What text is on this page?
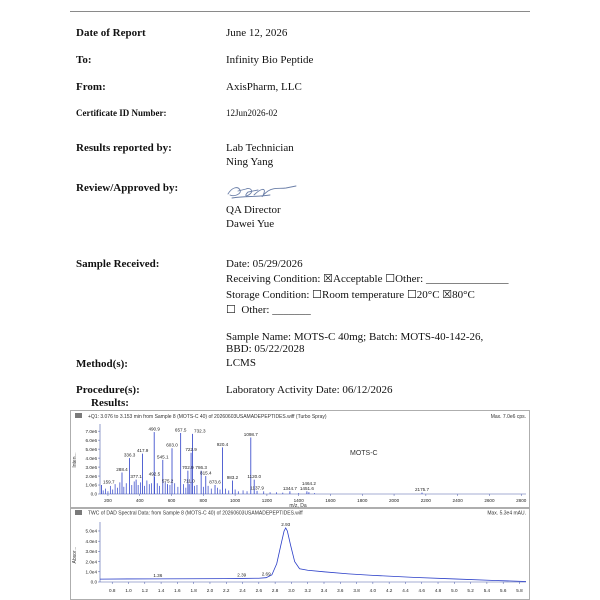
Date of Report	June 12, 2026
To:	Infinity Bio Peptide
From:	AxisPharm, LLC
Certificate ID Number:	12Jun2026-02
Results reported by:	Lab Technician
Ning Yang
Review/Approved by:
QA Director
Dawei Yue
Sample Received:	Date: 05/29/2026
Receiving Condition: ☒Acceptable ☐Other: _______________
Storage Condition: ☐Room temperature ☐20°C ☒80°C
☐  Other: _______
Sample Name: MOTS-C 40mg; Batch: MOTS-40-142-26,
BBD: 05/22/2028
Method(s):	LCMS
Procedure(s):	Laboratory Activity Date: 06/12/2026
Results:
+Q1: 3.076 to 3.153 min from Sample 8 (MOTS-C 40) of 20260603USAMADEPEPTIDES.wiff (Turbo Spray)	Max. 7.0e6 cps.
MOTS-C
m/z, Da
Inten...
200	400	600	800	1000	1200	1400	1600	1800	2000	2200	2400	2600	2800
7.0e6
6.0e6
5.0e6
4.0e6
3.0e6
2.0e6
1.0e6
0.0
490.9	657.5 732.3
1098.7
920.4
603.0
722.9
417.9
336.3	545.1
702.9 786.3
288.4
815.4
492.5
377.1	1120.0
983.2
575.2 711.0
159.7	873.6
1137.9	1344.7 1451.6
1464.2
2175.7
TWC of DAD Spectral Data: from Sample 8 (MOTS-C 40) of 20260603USAMADEPEPTIDES.wiff	Max. 5.3e4 mAU.
Absor...
0.8 1.0 1.2 1.4 1.6 1.8 2.0 2.2 2.4 2.6 2.8 3.0 3.2 3.4 3.6 3.8 4.0 4.2 4.4 4.6 4.8 5.0 5.2 5.4 5.6 5.8
5.0e4
4.0e4
3.0e4
2.0e4
1.0e4
0.0
1.36	2.39	2.69
2.93
